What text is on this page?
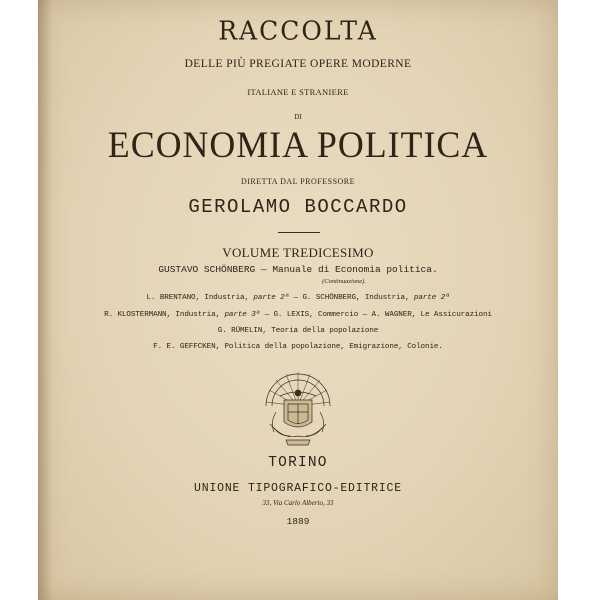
RACCOLTA
DELLE PIÙ PREGIATE OPERE MODERNE
ITALIANE E STRANIERE
DI
ECONOMIA POLITICA
DIRETTA DAL PROFESSORE
GEROLAMO BOCCARDO
VOLUME TREDICESIMO
GUSTAVO SCHÖNBERG — Manuale di Economia politica.
(Continuazione).
L. BRENTANO, Industria, parte 2ª — G. SCHÖNBERG, Industria, parte 2ª
R. KLOSTERMANN, Industria, parte 3ª — G. LEXIS, Commercio — A. WAGNER, Le Assicurazioni
G. RÜMELIN, Teoria della popolazione
F. E. GEFFCKEN, Politica della popolazione, Emigrazione, Colonie.
TORINO
UNIONE TIPOGRAFICO-EDITRICE
33, Via Carlo Alberto, 33
1889
